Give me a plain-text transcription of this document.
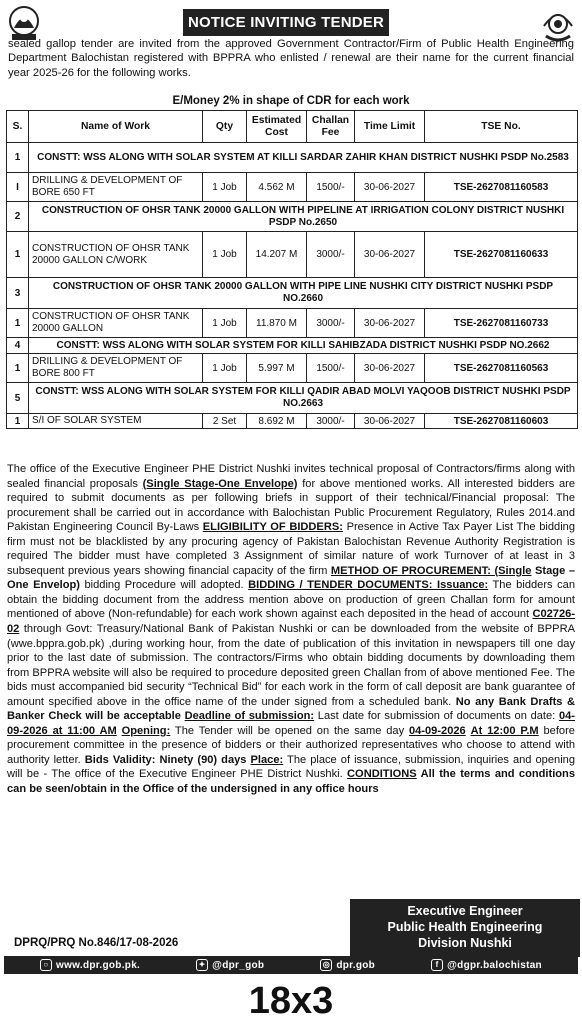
NOTICE INVITING TENDER
sealed gallop tender are invited from the approved Government Contractor/Firm of Public Health Engineering Department Balochistan registered with BPPRA who enlisted / renewal are their name for the current financial year 2025-26 for the following works.
E/Money 2% in shape of CDR for each work
S.	Name of Work	Qty	Estimated Cost	Challan Fee	Time Limit	TSE No.
1	CONSTT: WSS ALONG WITH SOLAR SYSTEM AT KILLI SARDAR ZAHIR KHAN DISTRICT NUSHKI PSDP No.2583					
I	DRILLING & DEVELOPMENT OF BORE 650 FT	1 Job	4.562 M	1500/-	30-06-2027	TSE-2627081160583
2	CONSTRUCTION OF OHSR TANK 20000 GALLON WITH PIPELINE AT IRRIGATION COLONY DISTRICT NUSHKI PSDP No.2650					
1	CONSTRUCTION OF OHSR TANK 20000 GALLON C/WORK	1 Job	14.207 M	3000/-	30-06-2027	TSE-2627081160633
3	CONSTRUCTION OF OHSR TANK 20000 GALLON WITH PIPE LINE NUSHKI CITY DISTRICT NUSHKI PSDP NO.2660					
1	CONSTRUCTION OF OHSR TANK 20000 GALLON	1 Job	11.870 M	3000/-	30-06-2027	TSE-2627081160733
4	CONSTT: WSS ALONG WITH SOLAR SYSTEM FOR KILLI SAHIBZADA DISTRICT NUSHKI PSDP NO.2662					
1	DRILLING & DEVELOPMENT OF BORE 800 FT	1 Job	5.997 M	1500/-	30-06-2027	TSE-2627081160563
5	CONSTT: WSS ALONG WITH SOLAR SYSTEM FOR KILLI QADIR ABAD MOLVI YAQOOB DISTRICT NUSHKI PSDP NO.2663					
1	S/I OF SOLAR SYSTEM	2 Set	8.692 M	3000/-	30-06-2027	TSE-2627081160603
The office of the Executive Engineer PHE District Nushki invites technical proposal of Contractors/firms along with sealed financial proposals (Single Stage-One Envelope) for above mentioned works. All interested bidders are required to submit documents as per following briefs in support of their technical/Financial proposal: The procurement shall be carried out in accordance with Balochistan Public Procurement Regulatory, Rules 2014.and Pakistan Engineering Council By-Laws ELIGIBILITY OF BIDDERS: Presence in Active Tax Payer List The bidding firm must not be blacklisted by any procuring agency of Pakistan Balochistan Revenue Authority Registration is required The bidder must have completed 3 Assignment of similar nature of work Turnover of at least in 3 subsequent previous years showing financial capacity of the firm METHOD OF PROCUREMENT: (Single Stage –One Envelop) bidding Procedure will adopted. BIDDING / TENDER DOCUMENTS: Issuance: The bidders can obtain the bidding document from the address mention above on production of green Challan form for amount mentioned of above (Non-refundable) for each work shown against each deposited in the head of account C02726-02 through Govt: Treasury/National Bank of Pakistan Nushki or can be downloaded from the website of BPPRA (wwe.bppra.gob.pk) ,during working hour, from the date of publication of this invitation in newspapers till one day prior to the last date of submission. The contractors/Firms who obtain bidding documents by downloading them from BPPRA website will also be required to procedure deposited green Challan from of above mentioned Fee. The bids must accompanied bid security “Technical Bid” for each work in the form of call deposit are bank guarantee of amount specified above in the office name of the under signed from a scheduled bank. No any Bank Drafts & Banker Check will be acceptable Deadline of submission: Last date for submission of documents on date: 04-09-2026 at 11:00 AM Opening: The Tender will be opened on the same day 04-09-2026 At 12:00 P.M before procurement committee in the presence of bidders or their authorized representatives who choose to attend with authority letter. Bids Validity: Ninety (90) days Place: The place of issuance, submission, inquiries and opening will be - The office of the Executive Engineer PHE District Nushki. CONDITIONS All the terms and conditions can be seen/obtain in the Office of the undersigned in any office hours
Executive Engineer
Public Health Engineering
Division Nushki
DPRQ/PRQ No.846/17-08-2026
○ www.dpr.gob.pk.	✦ @dpr_gob	◎ dpr.gob	f @dgpr.balochistan
18x3
